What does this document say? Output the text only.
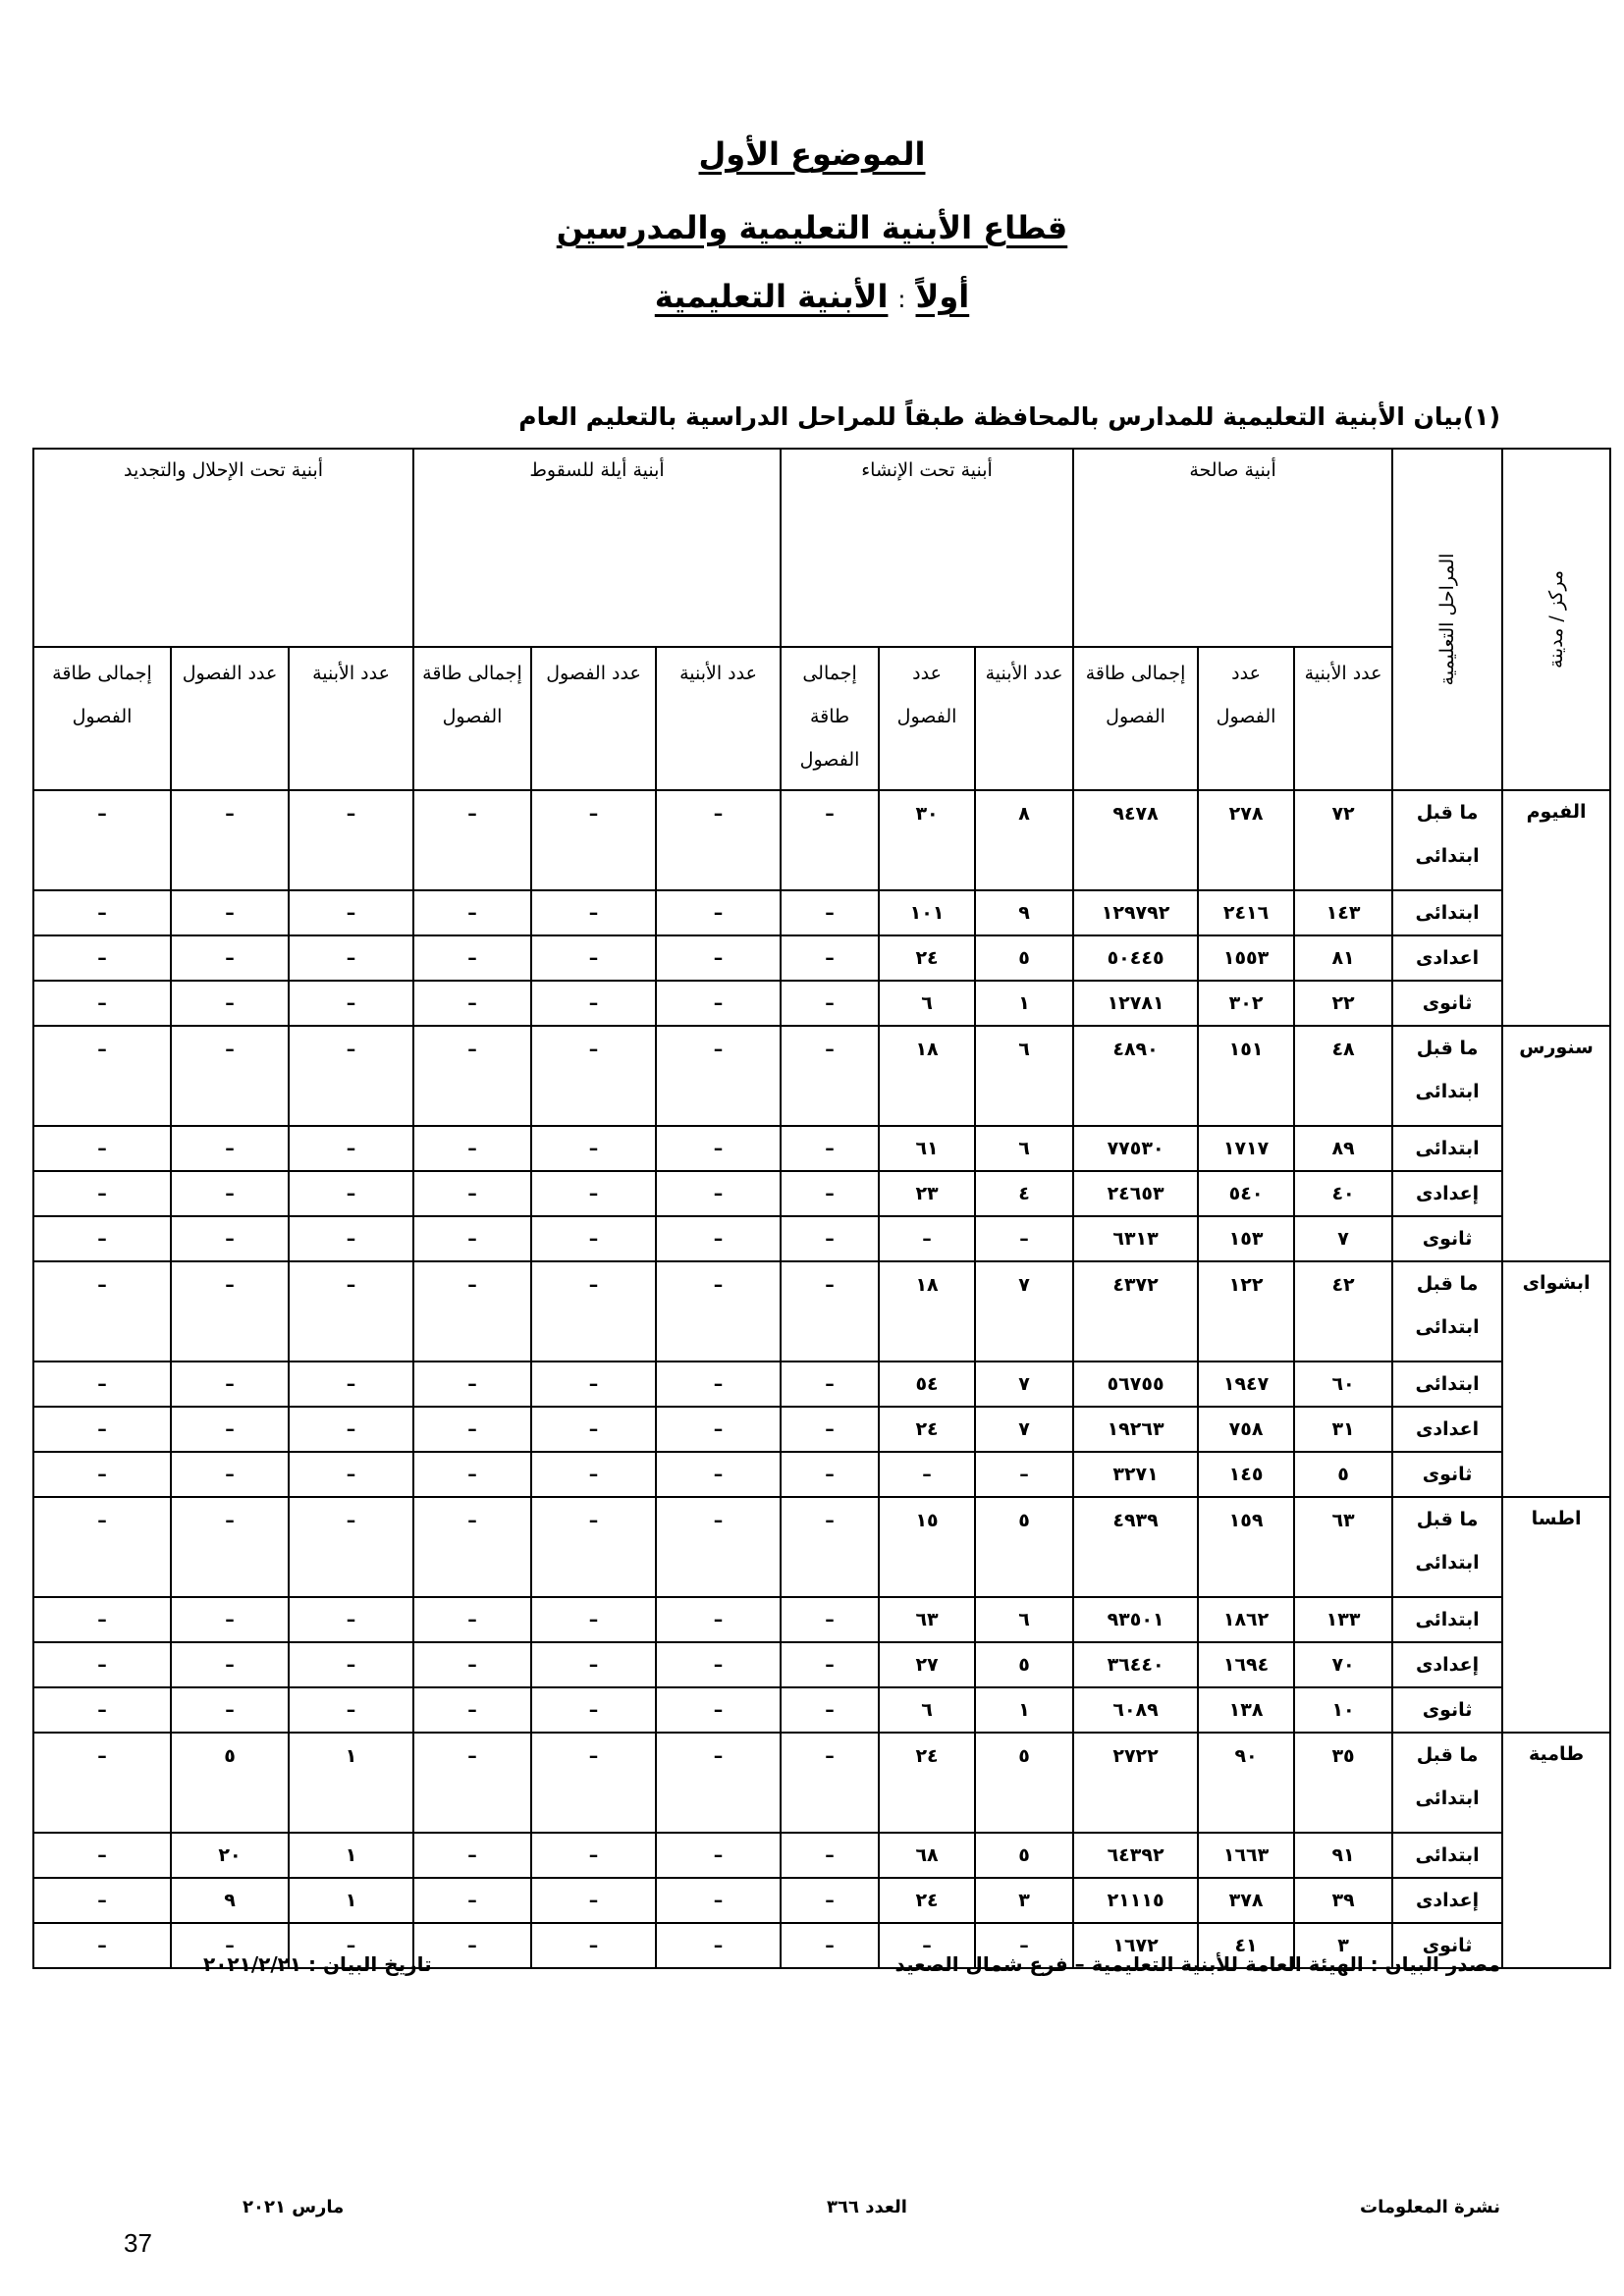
الموضوع الأول
قطاع الأبنية التعليمية والمدرسين
أولاً:الأبنية التعليمية
(١)بيان الأبنية التعليمية للمدارس بالمحافظة طبقاً للمراحل الدراسية بالتعليم العام
مركز / مدينة	المراحل التعليمية	أبنية صالحة			أبنية تحت الإنشاء			أبنية أيلة للسقوط			أبنية تحت الإحلال والتجديد		
		عدد الأبنية	عدد الفصول	إجمالى طاقة الفصول	عدد الأبنية	عدد الفصول	إجمالى طاقة الفصول	عدد الأبنية	عدد الفصول	إجمالى طاقة الفصول	عدد الأبنية	عدد الفصول	إجمالى طاقة الفصول
الفيوم	ما قبل ابتدائى	٧٢	٢٧٨	٩٤٧٨	٨	٣٠	–	–	–	–	–	–	–
	ابتدائى	١٤٣	٢٤١٦	١٢٩٧٩٢	٩	١٠١	–	–	–	–	–	–	–
	اعدادى	٨١	١٥٥٣	٥٠٤٤٥	٥	٢٤	–	–	–	–	–	–	–
	ثانوى	٢٢	٣٠٢	١٢٧٨١	١	٦	–	–	–	–	–	–	–
سنورس	ما قبل ابتدائى	٤٨	١٥١	٤٨٩٠	٦	١٨	–	–	–	–	–	–	–
	ابتدائى	٨٩	١٧١٧	٧٧٥٣٠	٦	٦١	–	–	–	–	–	–	–
	إعدادى	٤٠	٥٤٠	٢٤٦٥٣	٤	٢٣	–	–	–	–	–	–	–
	ثانوى	٧	١٥٣	٦٣١٣	–	–	–	–	–	–	–	–	–
ابشواى	ما قبل ابتدائى	٤٢	١٢٢	٤٣٧٢	٧	١٨	–	–	–	–	–	–	–
	ابتدائى	٦٠	١٩٤٧	٥٦٧٥٥	٧	٥٤	–	–	–	–	–	–	–
	اعدادى	٣١	٧٥٨	١٩٢٦٣	٧	٢٤	–	–	–	–	–	–	–
	ثانوى	٥	١٤٥	٣٢٧١	–	–	–	–	–	–	–	–	–
اطسا	ما قبل ابتدائى	٦٣	١٥٩	٤٩٣٩	٥	١٥	–	–	–	–	–	–	–
	ابتدائى	١٣٣	١٨٦٢	٩٣٥٠١	٦	٦٣	–	–	–	–	–	–	–
	إعدادى	٧٠	١٦٩٤	٣٦٤٤٠	٥	٢٧	–	–	–	–	–	–	–
	ثانوى	١٠	١٣٨	٦٠٨٩	١	٦	–	–	–	–	–	–	–
طامية	ما قبل ابتدائى	٣٥	٩٠	٢٧٢٢	٥	٢٤	–	–	–	–	١	٥	–
	ابتدائى	٩١	١٦٦٣	٦٤٣٩٢	٥	٦٨	–	–	–	–	١	٢٠	–
	إعدادى	٣٩	٣٧٨	٢١١١٥	٣	٢٤	–	–	–	–	١	٩	–
	ثانوى	٣	٤١	١٦٧٢	–	–	–	–	–	–	–	–	–
مصدر البيان : الهيئة العامة للأبنية التعليمية – فرع شمال الصعيد
تاريخ البيان : ٢٠٢١/٢/٢١
نشرة المعلومات
العدد ٣٦٦
مارس ٢٠٢١
37
